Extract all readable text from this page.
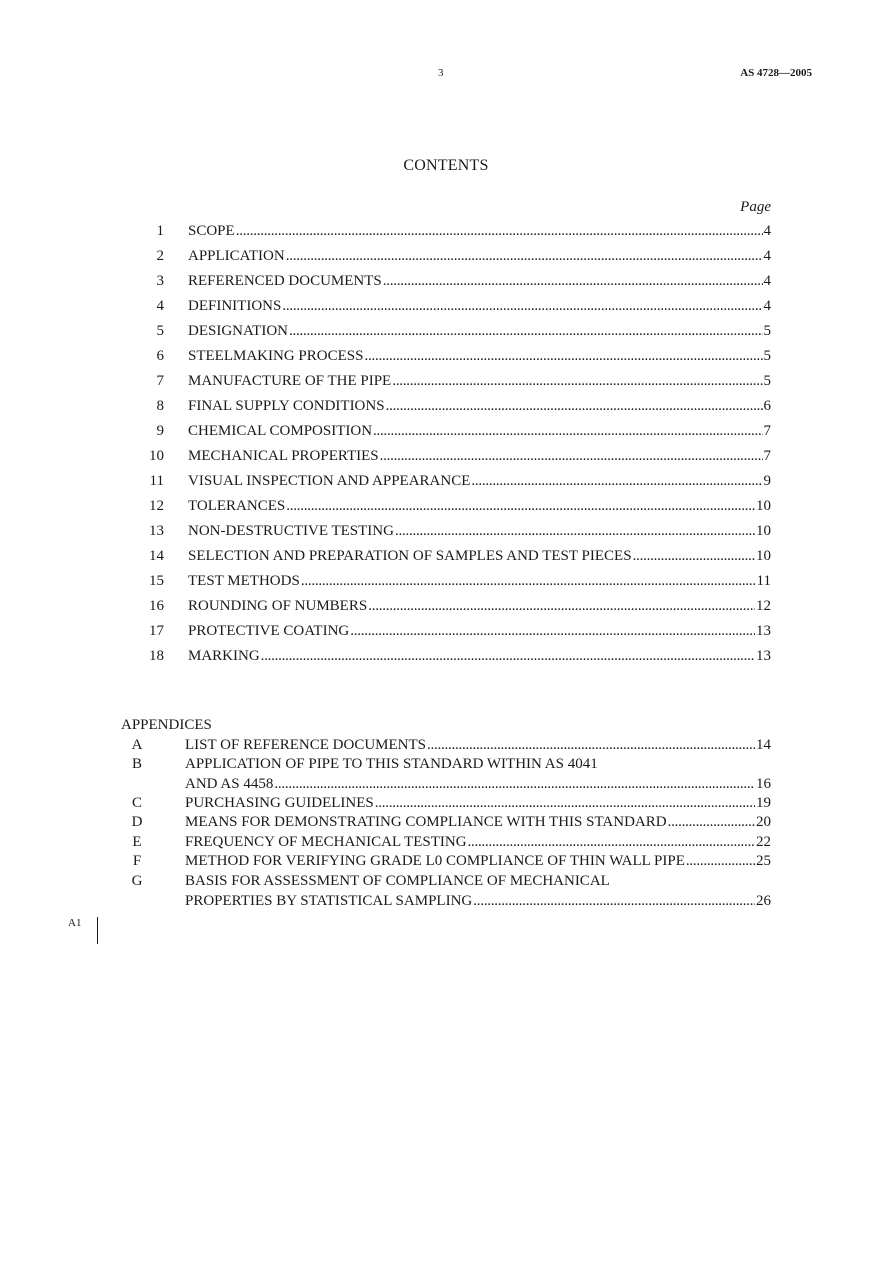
3	AS 4728—2005
CONTENTS
Page
1 SCOPE . . .	4
2 APPLICATION . . .	4
3 REFERENCED DOCUMENTS . . .	4
4 DEFINITIONS . . .	4
5 DESIGNATION . . .	5
6 STEELMAKING PROCESS . . .	5
7 MANUFACTURE OF THE PIPE . . .	5
8 FINAL SUPPLY CONDITIONS . . .	6
9 CHEMICAL COMPOSITION . . .	7
10 MECHANICAL PROPERTIES . . .	7
11 VISUAL INSPECTION AND APPEARANCE . . .	9
12 TOLERANCES . . .	10
13 NON-DESTRUCTIVE TESTING . . .	10
14 SELECTION AND PREPARATION OF SAMPLES AND TEST PIECES . . .	10
15 TEST METHODS . . .	11
16 ROUNDING OF NUMBERS . . .	12
17 PROTECTIVE COATING . . .	13
18 MARKING . . .	13
APPENDICES
A	LIST OF REFERENCE DOCUMENTS . . .	14
B	APPLICATION OF PIPE TO THIS STANDARD WITHIN AS 4041
AND AS 4458 . . .	16
C	PURCHASING GUIDELINES . . .	19
D	MEANS FOR DEMONSTRATING COMPLIANCE WITH THIS STANDARD . . .	20
E	FREQUENCY OF MECHANICAL TESTING . . .	22
F	METHOD FOR VERIFYING GRADE L0 COMPLIANCE OF THIN WALL PIPE . . .	25
G	BASIS FOR ASSESSMENT OF COMPLIANCE OF MECHANICAL
PROPERTIES BY STATISTICAL SAMPLING . . .	26
A1
